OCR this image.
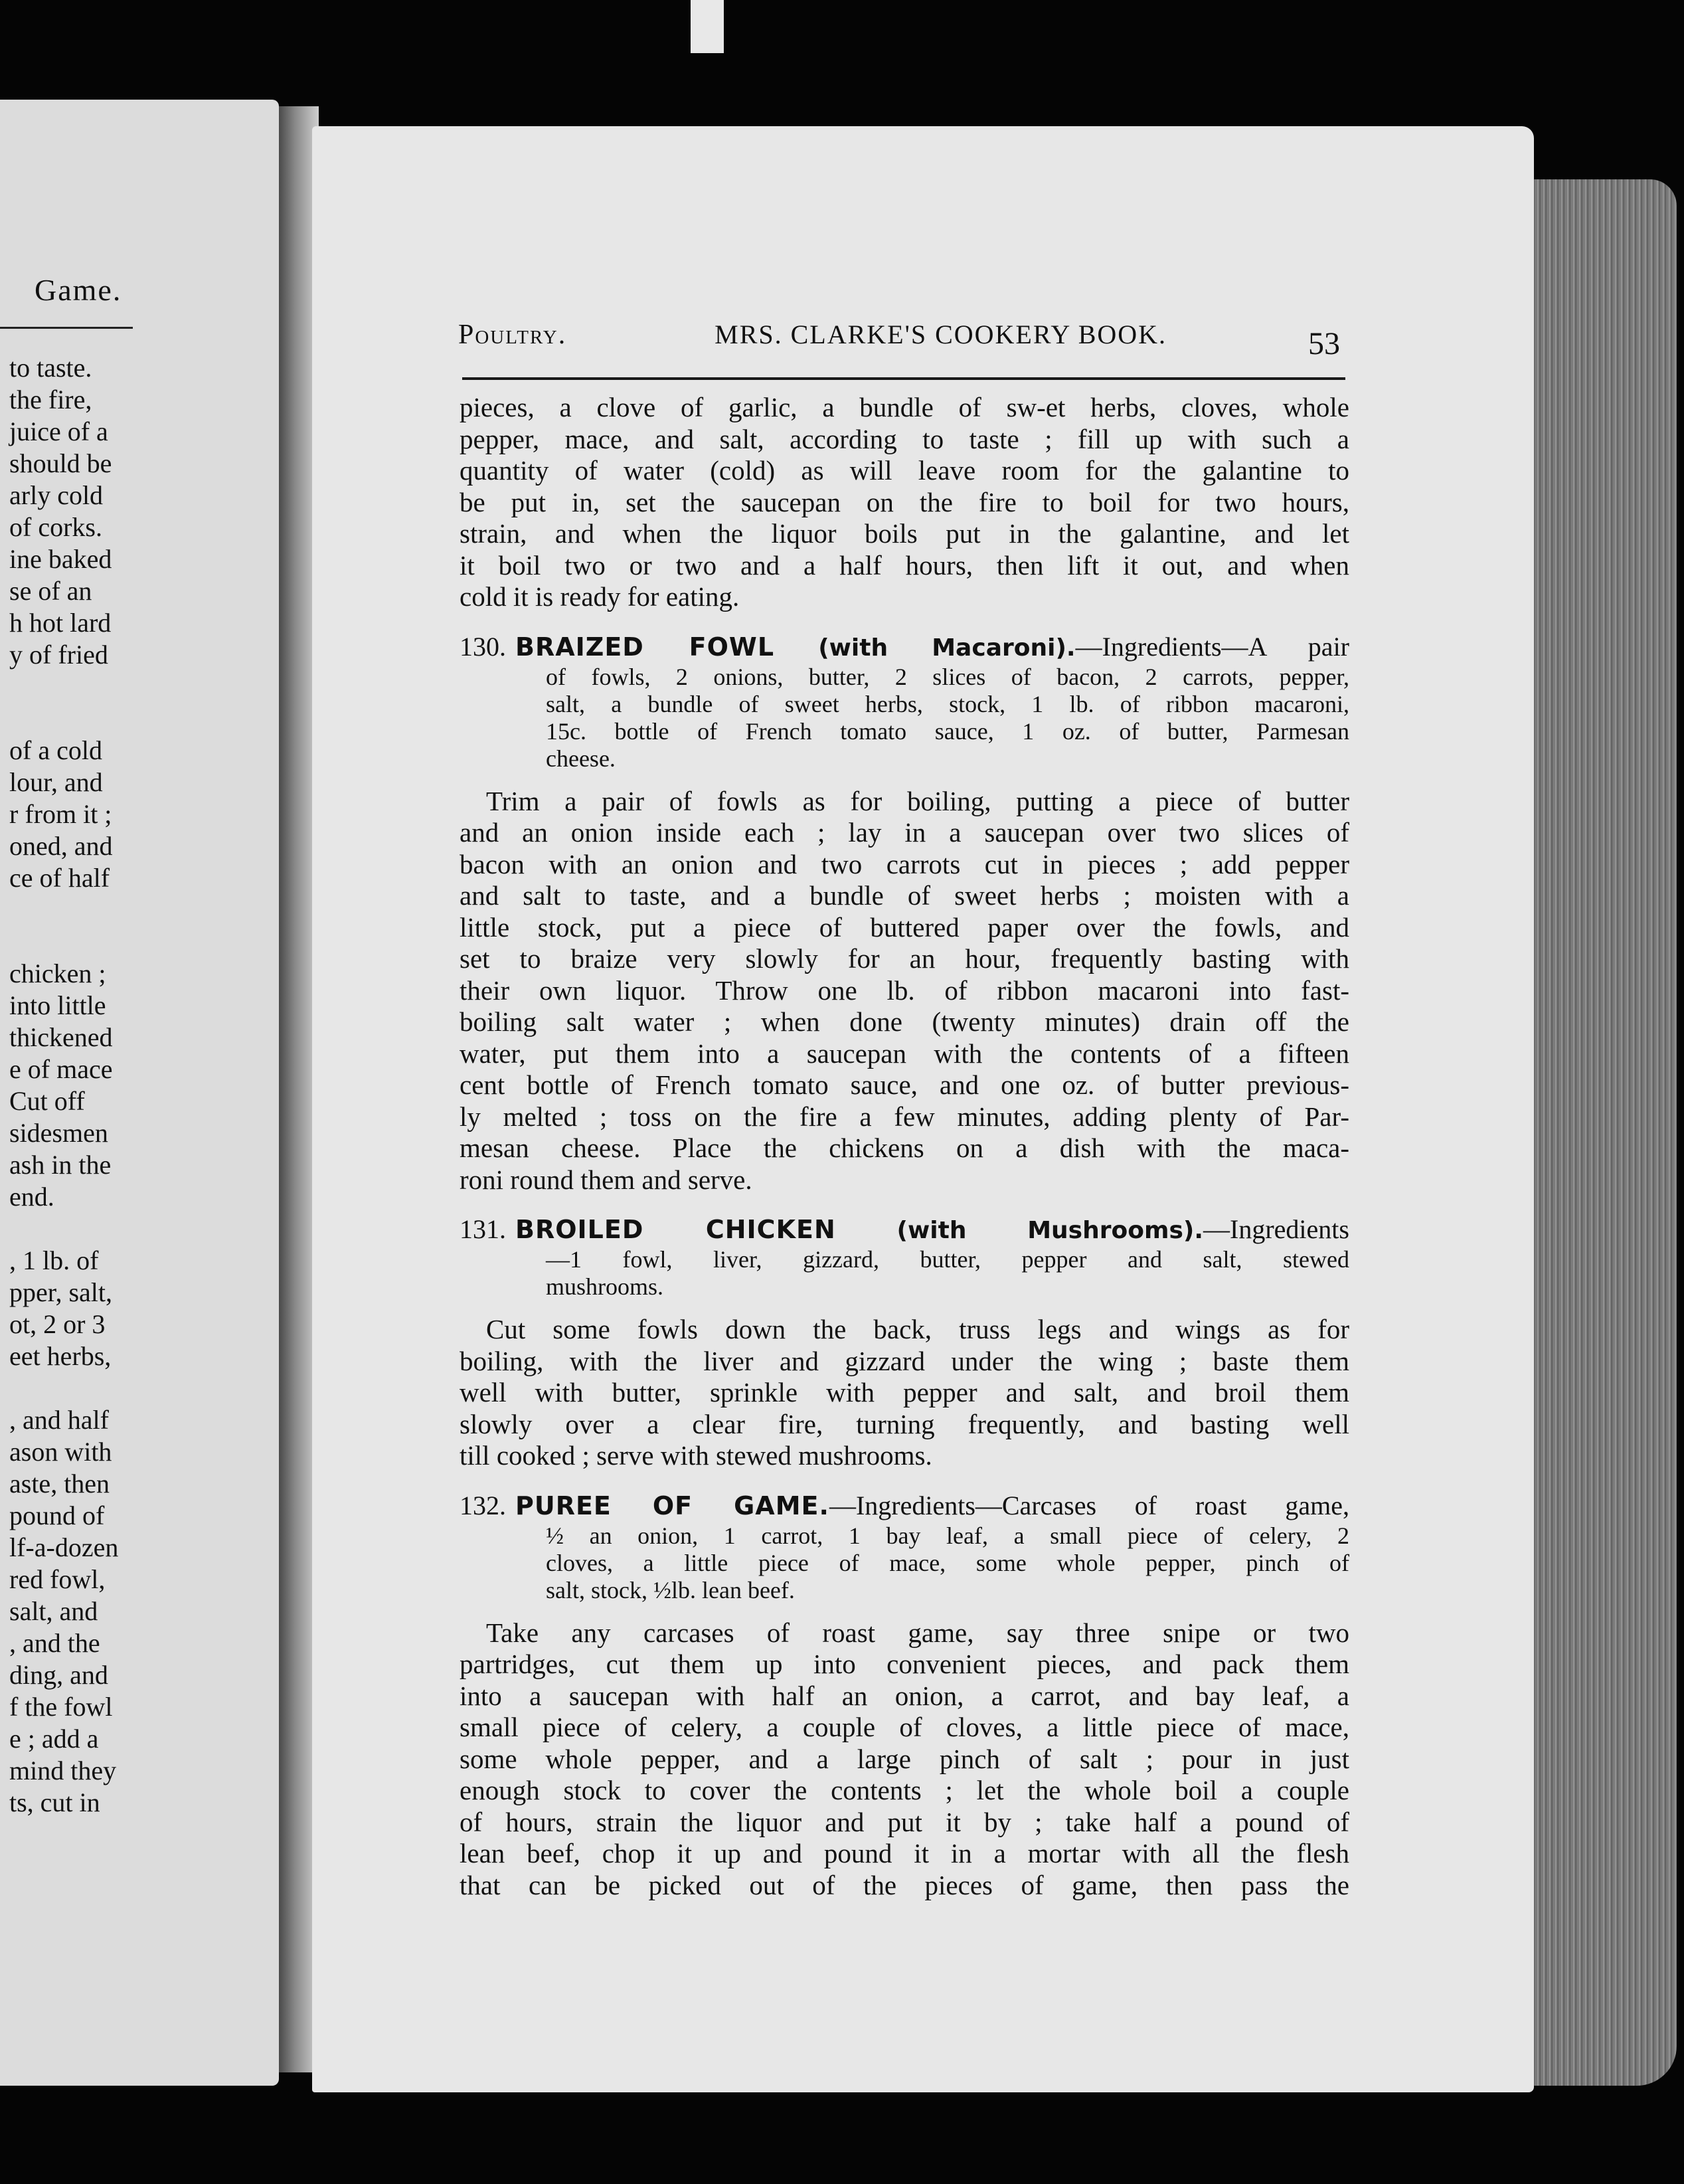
Game.
to taste.
the fire,
juice of a
should be
arly cold
of corks.
ine baked
se of an
h hot lard
y of fried
of a cold
lour, and
r from it ;
oned, and
ce of half
chicken ;
into little
thickened
e of mace
Cut off
sidesmen
ash in the
end.
, 1 lb. of
pper, salt,
ot, 2 or 3
eet herbs,
, and half
ason with
aste, then
pound of
lf-a-dozen
red fowl,
salt, and
, and the
ding, and
f the fowl
e ; add a
mind they
ts, cut in
Poultry.	MRS. CLARKE'S COOKERY BOOK.	53
pieces, a clove of garlic, a bundle of sw‑et herbs, cloves, whole
pepper, mace, and salt, according to taste ; fill up with such a
quantity of water (cold) as will leave room for the galantine to
be put in, set the saucepan on the fire to boil for two hours,
strain, and when the liquor boils put in the galantine, and let
it boil two or two and a half hours, then lift it out, and when
cold it is ready for eating.
130. BRAIZED FOWL (with Macaroni).—Ingredients—A pair
of fowls, 2 onions, butter, 2 slices of bacon, 2 carrots, pepper,
salt, a bundle of sweet herbs, stock, 1 lb. of ribbon macaroni,
15c. bottle of French tomato sauce, 1 oz. of butter, Parmesan
cheese.
Trim a pair of fowls as for boiling, putting a piece of butter
and an onion inside each ; lay in a saucepan over two slices of
bacon with an onion and two carrots cut in pieces ; add pepper
and salt to taste, and a bundle of sweet herbs ; moisten with a
little stock, put a piece of buttered paper over the fowls, and
set to braize very slowly for an hour, frequently basting with
their own liquor. Throw one lb. of ribbon macaroni into fast-
boiling salt water ; when done (twenty minutes) drain off the
water, put them into a saucepan with the contents of a fifteen
cent bottle of French tomato sauce, and one oz. of butter previous-
ly melted ; toss on the fire a few minutes, adding plenty of Par-
mesan cheese. Place the chickens on a dish with the maca-
roni round them and serve.
131. BROILED CHICKEN (with Mushrooms).—Ingredients
—1 fowl, liver, gizzard, butter, pepper and salt, stewed
mushrooms.
Cut some fowls down the back, truss legs and wings as for
boiling, with the liver and gizzard under the wing ; baste them
well with butter, sprinkle with pepper and salt, and broil them
slowly over a clear fire, turning frequently, and basting well
till cooked ; serve with stewed mushrooms.
132. PUREE OF GAME.—Ingredients—Carcases of roast game,
½ an onion, 1 carrot, 1 bay leaf, a small piece of celery, 2
cloves, a little piece of mace, some whole pepper, pinch of
salt, stock, ½lb. lean beef.
Take any carcases of roast game, say three snipe or two
partridges, cut them up into convenient pieces, and pack them
into a saucepan with half an onion, a carrot, and bay leaf, a
small piece of celery, a couple of cloves, a little piece of mace,
some whole pepper, and a large pinch of salt ; pour in just
enough stock to cover the contents ; let the whole boil a couple
of hours, strain the liquor and put it by ; take half a pound of
lean beef, chop it up and pound it in a mortar with all the flesh
that can be picked out of the pieces of game, then pass the
